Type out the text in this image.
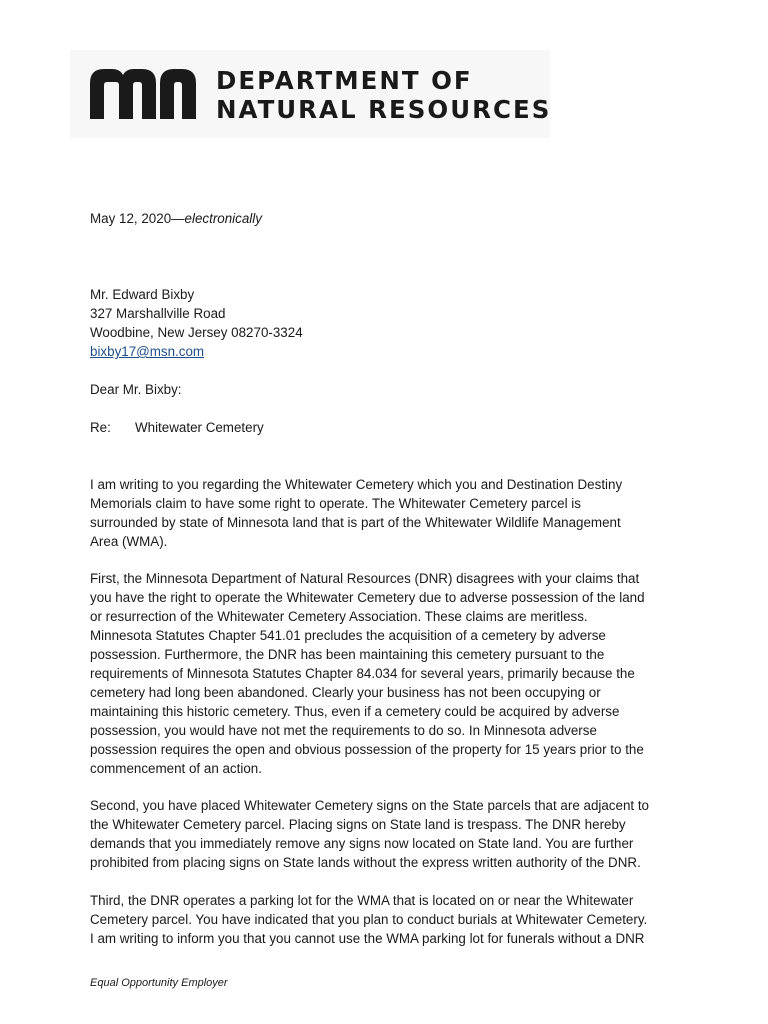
DEPARTMENT OF
NATURAL RESOURCES
May 12, 2020—electronically
Mr. Edward Bixby
327 Marshallville Road
Woodbine, New Jersey 08270-3324
bixby17@msn.com
Dear Mr. Bixby:
Re: Whitewater Cemetery
I am writing to you regarding the Whitewater Cemetery which you and Destination Destiny
Memorials claim to have some right to operate. The Whitewater Cemetery parcel is
surrounded by state of Minnesota land that is part of the Whitewater Wildlife Management
Area (WMA).
First, the Minnesota Department of Natural Resources (DNR) disagrees with your claims that
you have the right to operate the Whitewater Cemetery due to adverse possession of the land
or resurrection of the Whitewater Cemetery Association. These claims are meritless.
Minnesota Statutes Chapter 541.01 precludes the acquisition of a cemetery by adverse
possession. Furthermore, the DNR has been maintaining this cemetery pursuant to the
requirements of Minnesota Statutes Chapter 84.034 for several years, primarily because the
cemetery had long been abandoned. Clearly your business has not been occupying or
maintaining this historic cemetery. Thus, even if a cemetery could be acquired by adverse
possession, you would have not met the requirements to do so. In Minnesota adverse
possession requires the open and obvious possession of the property for 15 years prior to the
commencement of an action.
Second, you have placed Whitewater Cemetery signs on the State parcels that are adjacent to
the Whitewater Cemetery parcel. Placing signs on State land is trespass. The DNR hereby
demands that you immediately remove any signs now located on State land. You are further
prohibited from placing signs on State lands without the express written authority of the DNR.
Third, the DNR operates a parking lot for the WMA that is located on or near the Whitewater
Cemetery parcel. You have indicated that you plan to conduct burials at Whitewater Cemetery.
I am writing to inform you that you cannot use the WMA parking lot for funerals without a DNR
Equal Opportunity Employer
